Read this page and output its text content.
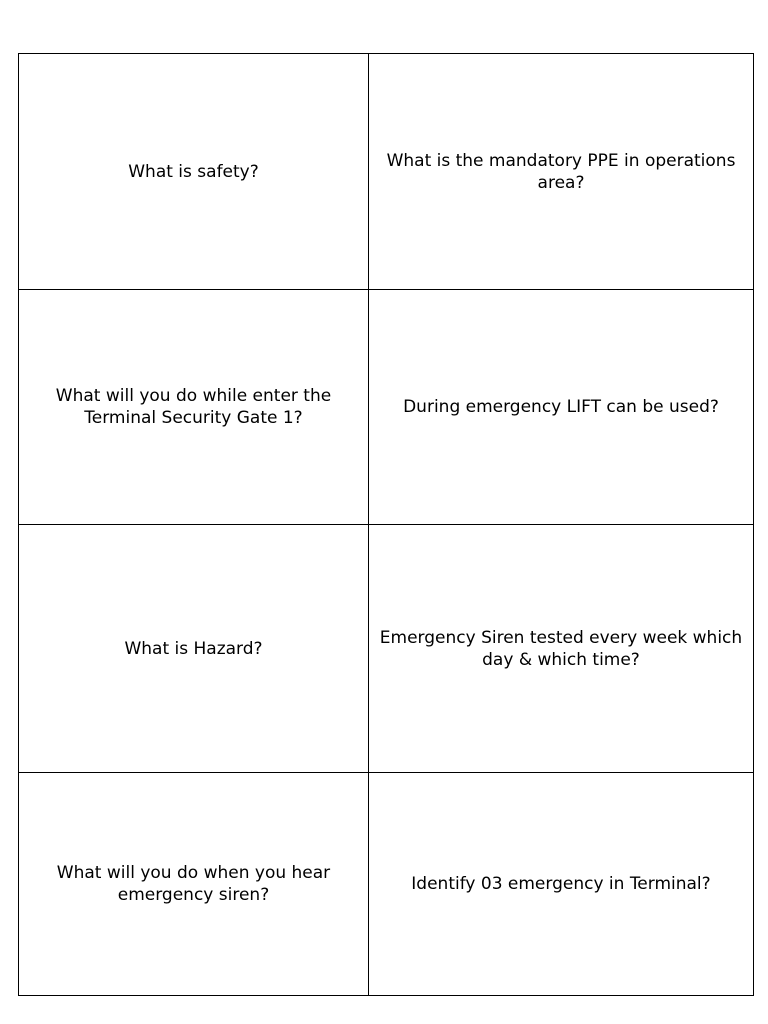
What is safety?	What is the mandatory PPE in operations area?
What will you do while enter the Terminal Security Gate 1?	During emergency LIFT can be used?
What is Hazard?	Emergency Siren tested every week which day & which time?
What will you do when you hear emergency siren?	Identify 03 emergency in Terminal?
